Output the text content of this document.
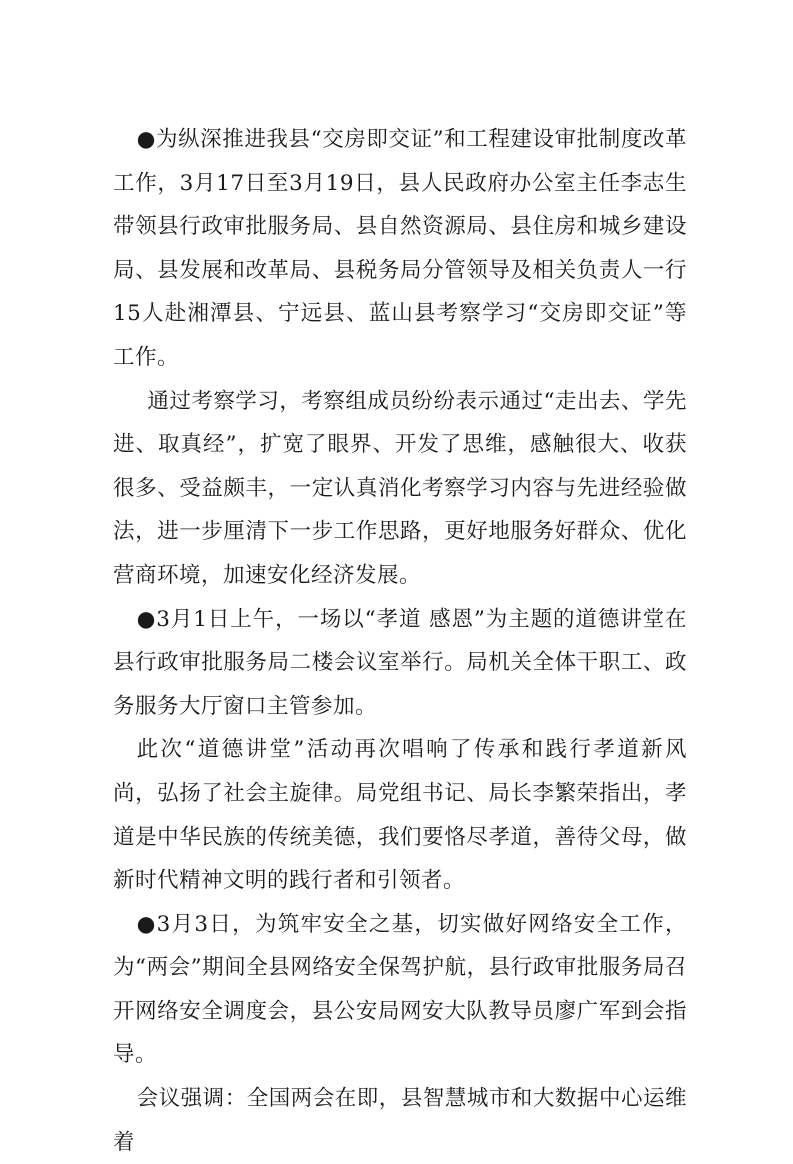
●为纵深推进我县“交房即交证”和工程建设审批制度改革工作，3月17日至3月19日，县人民政府办公室主任李志生带领县行政审批服务局、县自然资源局、县住房和城乡建设局、县发展和改革局、县税务局分管领导及相关负责人一行15人赴湘潭县、宁远县、蓝山县考察学习“交房即交证”等工作。

通过考察学习，考察组成员纷纷表示通过“走出去、学先进、取真经”，扩宽了眼界、开发了思维，感触很大、收获很多、受益颇丰，一定认真消化考察学习内容与先进经验做法，进一步厘清下一步工作思路，更好地服务好群众、优化营商环境，加速安化经济发展。

●3月1日上午，一场以“孝道 感恩”为主题的道德讲堂在县行政审批服务局二楼会议室举行。局机关全体干职工、政务服务大厅窗口主管参加。

此次“道德讲堂”活动再次唱响了传承和践行孝道新风尚，弘扬了社会主旋律。局党组书记、局长李繁荣指出，孝道是中华民族的传统美德，我们要恪尽孝道，善待父母，做新时代精神文明的践行者和引领者。

●3月3日，为筑牢安全之基，切实做好网络安全工作，为“两会”期间全县网络安全保驾护航，县行政审批服务局召开网络安全调度会，县公安局网安大队教导员廖广军到会指导。

会议强调：全国两会在即，县智慧城市和大数据中心运维着
